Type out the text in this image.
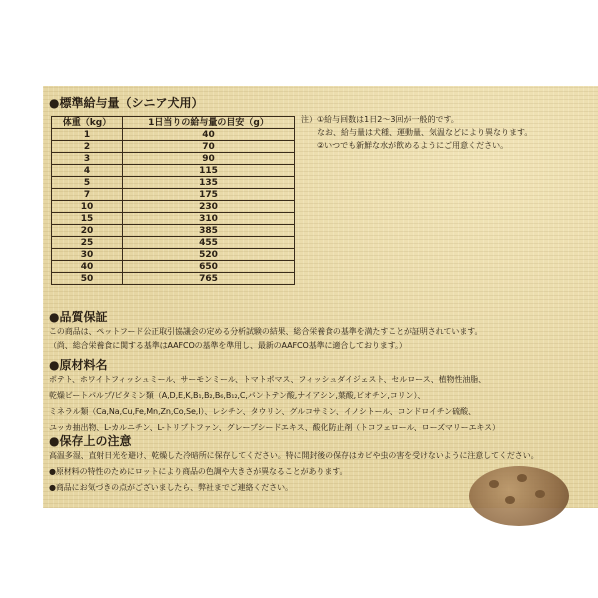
●標準給与量（シニア犬用）
体重（kg）	1日当りの給与量の目安（g）
1	40
2	70
3	90
4	115
5	135
7	175
10	230
15	310
20	385
25	455
30	520
40	650
50	765
注）①給与回数は1日2～3回が一般的です。
　　なお、給与量は犬種、運動量、気温などにより異なります。
　　②いつでも新鮮な水が飲めるようにご用意ください。
●品質保証
この商品は、ペットフード公正取引協議会の定める分析試験の結果、総合栄養食の基準を満たすことが証明されています。
（尚、総合栄養食に関する基準はAAFCOの基準を準用し、最新のAAFCO基準に適合しております。）
●原材料名
ポテト、ホワイトフィッシュミール、サーモンミール、トマトポマス、フィッシュダイジェスト、セルロース、植物性油脂、
乾燥ビートパルプ/ビタミン類（A,D,E,K,B₁,B₂,B₆,B₁₂,C,パントテン酸,ナイアシン,葉酸,ビオチン,コリン）、
ミネラル類（Ca,Na,Cu,Fe,Mn,Zn,Co,Se,I）、レシチン、タウリン、グルコサミン、イノシトール、コンドロイチン硫酸、
ユッカ抽出物、L-カルニチン、L-トリプトファン、グレープシードエキス、酸化防止剤（トコフェロール、ローズマリーエキス）
●保存上の注意
高温多湿、直射日光を避け、乾燥した冷暗所に保存してください。特に開封後の保存はカビや虫の害を受けないように注意してください。
●原材料の特性のためにロットにより商品の色調や大きさが異なることがあります。
●商品にお気づきの点がございましたら、弊社までご連絡ください。
